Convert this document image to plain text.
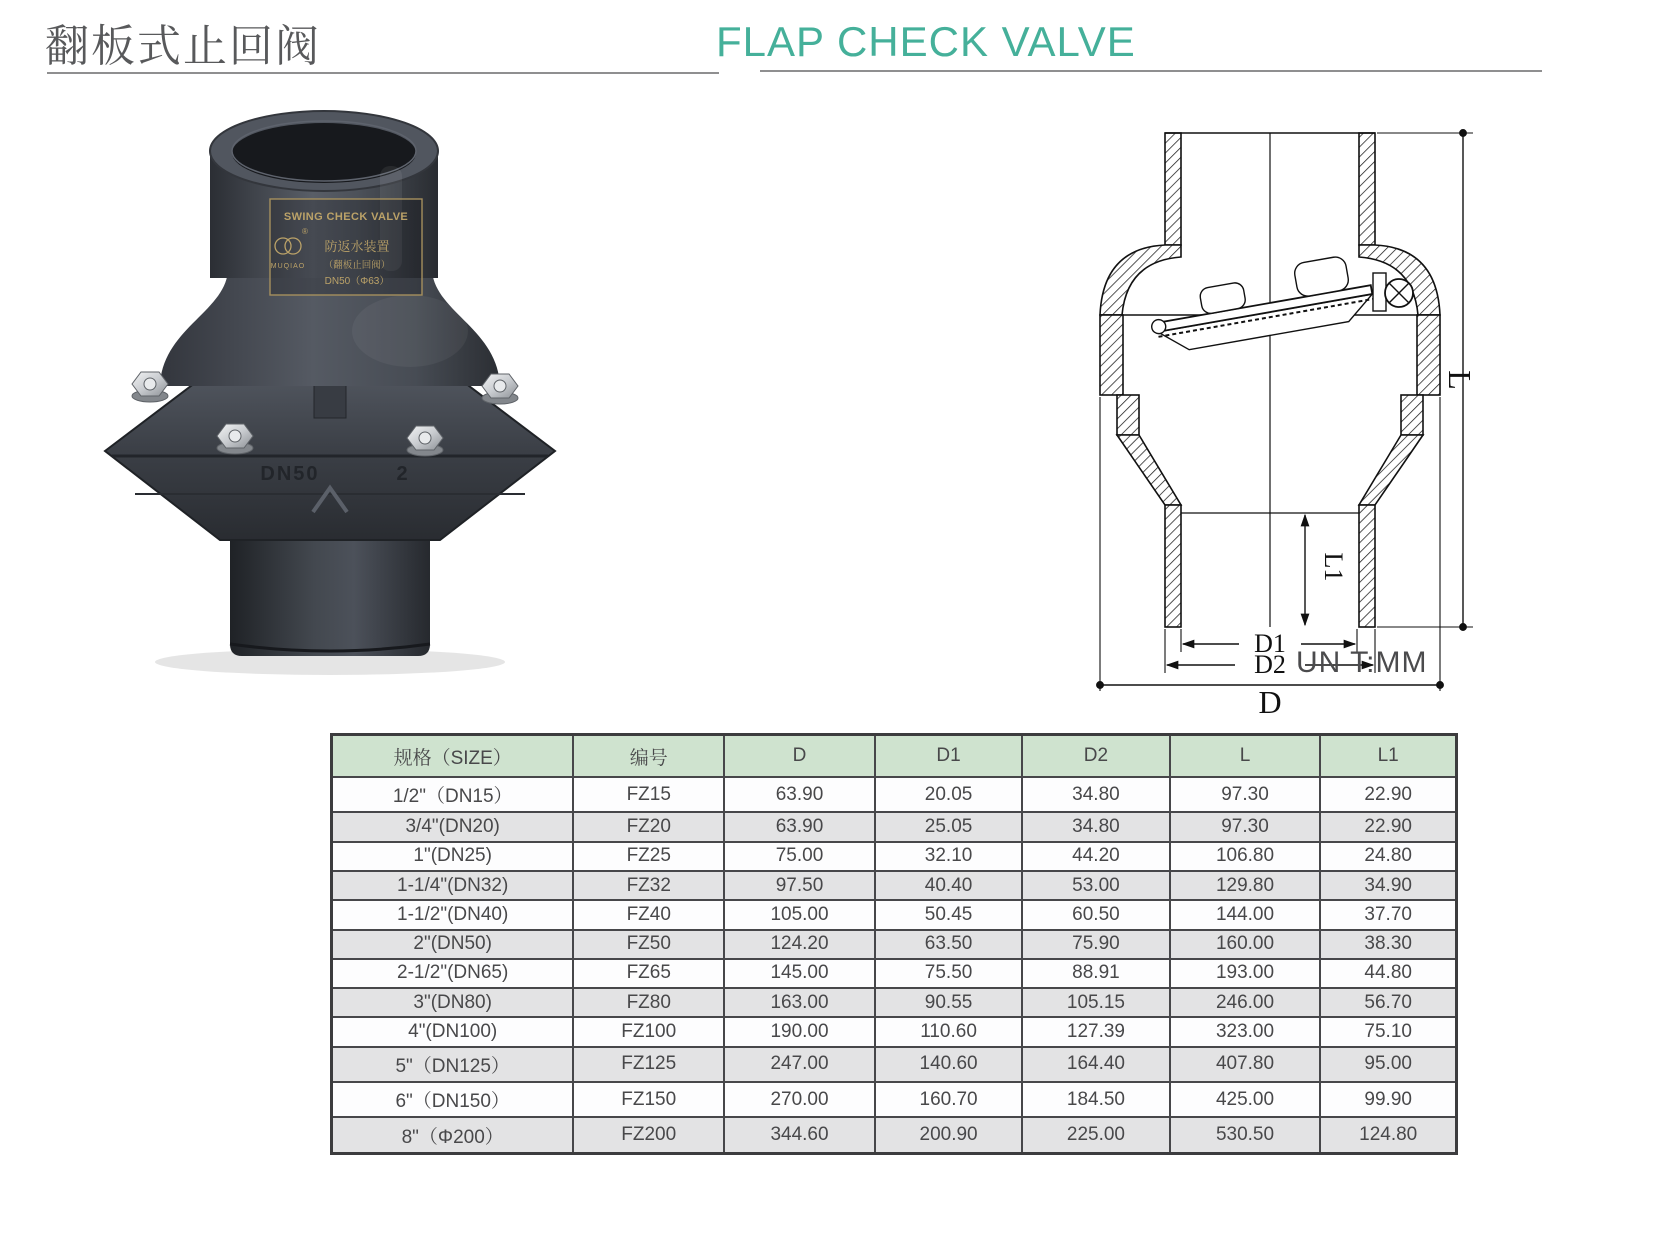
翻板式止回阀	FLAP CHECK VALVE
SWING CHECK VALVE
®
MUQIAO
防返水装置
（翻板止回阀）
DN50（Φ63）
DN50	2
L
L1
D1
D2
D
UN T:MM
规格（SIZE）	编号	D	D1	D2	L	L1
1/2"（DN15）	FZ15	63.90	20.05	34.80	97.30	22.90
3/4"(DN20)	FZ20	63.90	25.05	34.80	97.30	22.90
1"(DN25)	FZ25	75.00	32.10	44.20	106.80	24.80
1-1/4"(DN32)	FZ32	97.50	40.40	53.00	129.80	34.90
1-1/2"(DN40)	FZ40	105.00	50.45	60.50	144.00	37.70
2"(DN50)	FZ50	124.20	63.50	75.90	160.00	38.30
2-1/2"(DN65)	FZ65	145.00	75.50	88.91	193.00	44.80
3"(DN80)	FZ80	163.00	90.55	105.15	246.00	56.70
4"(DN100)	FZ100	190.00	110.60	127.39	323.00	75.10
5"（DN125）	FZ125	247.00	140.60	164.40	407.80	95.00
6"（DN150）	FZ150	270.00	160.70	184.50	425.00	99.90
8"（Φ200）	FZ200	344.60	200.90	225.00	530.50	124.80
